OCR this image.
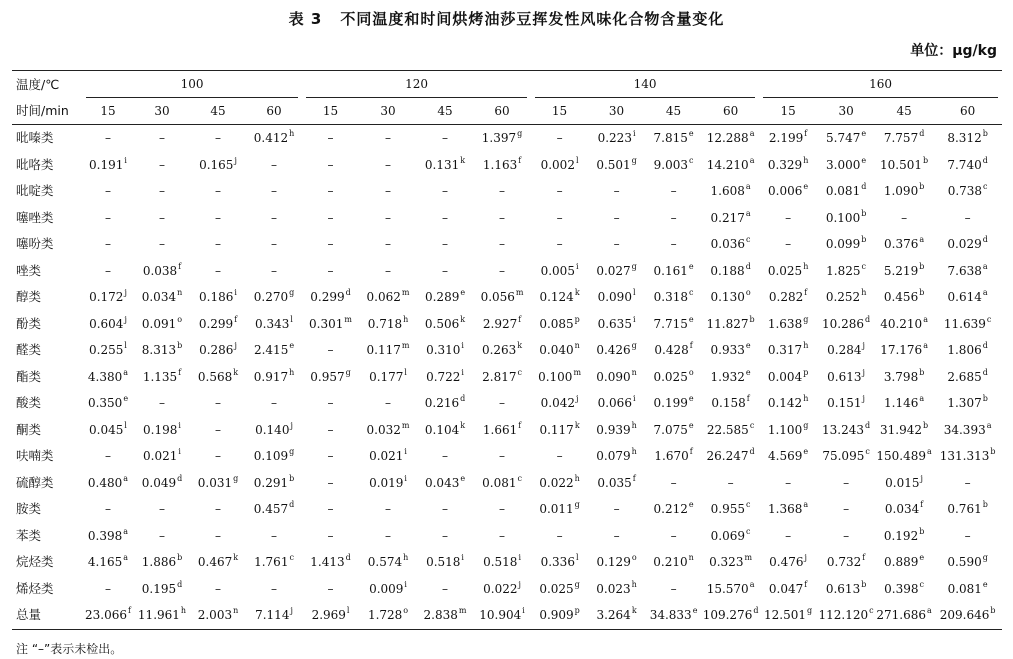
表 3 不同温度和时间烘烤油莎豆挥发性风味化合物含量变化
单位：μg/kg
温度/℃	100				120				140				160			

时间/min	15	30	45	60	15	30	45	60	15	30	45	60	15	30	45	60
吡嗪类	–	–	–	0.412$^h$	–	–	–	1.397$^g$	–	0.223$^i$	7.815e	12.288$^a$	2.199$^f$	5.747e	7.757$^d$	8.312$^b$
吡咯类	0.191$^i$	–	0.165$^j$	–	–	–	0.131$^k$	1.163$^f$	0.002$^l$	0.501$^g$	9.003$^c$	14.210$^a$	0.329$^h$	3.000e	10.501$^b$	7.740$^d$
吡啶类	–	–	–	–	–	–	–	–	–	–	–	1.608$^a$	0.006e	0.081$^d$	1.090$^b$	0.738$^c$
噻唑类	–	–	–	–	–	–	–	–	–	–	–	0.217$^a$	–	0.100$^b$	–	–
噻吩类	–	–	–	–	–	–	–	–	–	–	–	0.036$^c$	–	0.099$^b$	0.376$^a$	0.029$^d$
唑类	–	0.038$^f$	–	–	–	–	–	–	0.005$^i$	0.027$^g$	0.161e	0.188$^d$	0.025$^h$	1.825$^c$	5.219$^b$	7.638$^a$
醇类	0.172$^j$	0.034$^n$	0.186$^i$	0.270$^g$	0.299$^d$	0.062$^m$	0.289e	0.056$^m$	0.124$^k$	0.090$^l$	0.318$^c$	0.130$^o$	0.282$^f$	0.252$^h$	0.456$^b$	0.614$^a$
酚类	0.604$^j$	0.091$^o$	0.299$^f$	0.343$^l$	0.301$^m$	0.718$^h$	0.506$^k$	2.927$^f$	0.085$^p$	0.635$^i$	7.715e	11.827$^b$	1.638$^g$	10.286$^d$	40.210$^a$	11.639$^c$
醛类	0.255$^l$	8.313$^b$	0.286$^j$	2.415e	–	0.117$^m$	0.310$^i$	0.263$^k$	0.040$^n$	0.426$^g$	0.428$^f$	0.933e	0.317$^h$	0.284$^j$	17.176$^a$	1.806$^d$
酯类	4.380$^a$	1.135$^f$	0.568$^k$	0.917$^h$	0.957$^g$	0.177$^l$	0.722$^i$	2.817$^c$	0.100$^m$	0.090$^n$	0.025$^o$	1.932e	0.004$^p$	0.613$^j$	3.798$^b$	2.685$^d$
酸类	0.350e	–	–	–	–	–	0.216$^d$	–	0.042$^j$	0.066$^i$	0.199e	0.158$^f$	0.142$^h$	0.151$^j$	1.146$^a$	1.307$^b$
酮类	0.045$^l$	0.198$^i$	–	0.140$^j$	–	0.032$^m$	0.104$^k$	1.661$^f$	0.117$^k$	0.939$^h$	7.075e	22.585$^c$	1.100$^g$	13.243$^d$	31.942$^b$	34.393$^a$
呋喃类	–	0.021$^i$	–	0.109$^g$	–	0.021$^i$	–	–	–	0.079$^h$	1.670$^f$	26.247$^d$	4.569e	75.095$^c$	150.489$^a$	131.313$^b$
硫醇类	0.480$^a$	0.049$^d$	0.031$^g$	0.291$^b$	–	0.019$^i$	0.043e	0.081$^c$	0.022$^h$	0.035$^f$	–	–	–	–	0.015$^j$	–
胺类	–	–	–	0.457$^d$	–	–	–	–	0.011$^g$	–	0.212e	0.955$^c$	1.368$^a$	–	0.034$^f$	0.761$^b$
苯类	0.398$^a$	–	–	–	–	–	–	–	–	–	–	0.069$^c$	–	–	0.192$^b$	–
烷烃类	4.165$^a$	1.886$^b$	0.467$^k$	1.761$^c$	1.413$^d$	0.574$^h$	0.518$^i$	0.518$^i$	0.336$^l$	0.129$^o$	0.210$^n$	0.323$^m$	0.476$^j$	0.732$^f$	0.889e	0.590$^g$
烯烃类	–	0.195$^d$	–	–	–	0.009$^i$	–	0.022$^j$	0.025$^g$	0.023$^h$	–	15.570$^a$	0.047$^f$	0.613$^b$	0.398$^c$	0.081e
总量	23.066$^f$	11.961$^h$	2.003$^n$	7.114$^j$	2.969$^l$	1.728$^o$	2.838$^m$	10.904$^i$	0.909$^p$	3.264$^k$	34.833e	109.276$^d$	12.501$^g$	112.120$^c$	271.686$^a$	209.646$^b$
注 “–”表示未检出。
